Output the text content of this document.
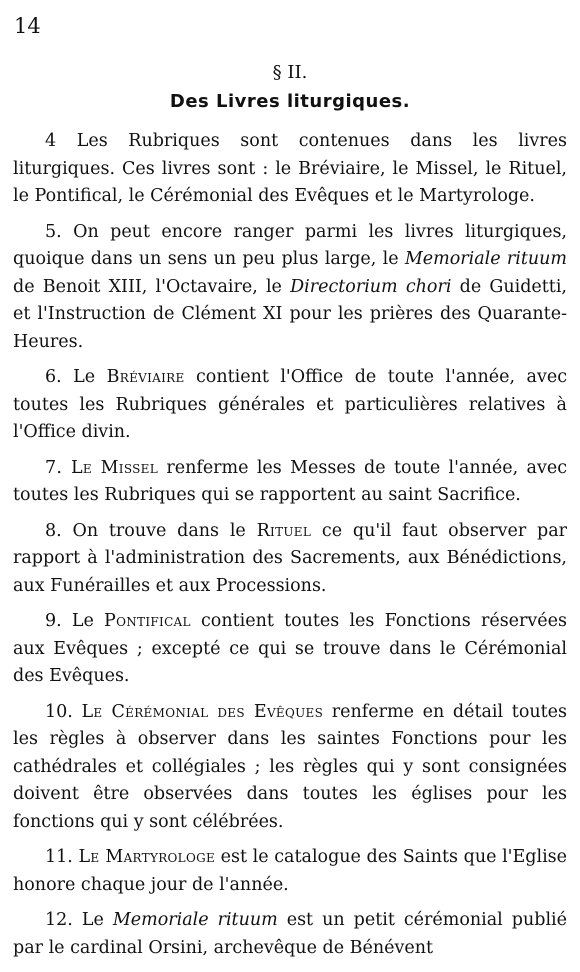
14
§ II.
Des Livres liturgiques.

4 Les Rubriques sont contenues dans les livres liturgiques. Ces livres sont : le Bréviaire, le Missel, le Rituel, le Pontifical, le Cérémonial des Evêques et le Martyrologe.

5. On peut encore ranger parmi les livres liturgiques, quoique dans un sens un peu plus large, le Memoriale rituum de Benoit XIII, l'Octavaire, le Directorium chori de Guidetti, et l'Instruction de Clément XI pour les prières des Quarante-Heures.

6. Le Bréviaire contient l'Office de toute l'année, avec toutes les Rubriques générales et particulières relatives à l'Office divin.

7. Le Missel renferme les Messes de toute l'année, avec toutes les Rubriques qui se rapportent au saint Sacrifice.

8. On trouve dans le Rituel ce qu'il faut observer par rapport à l'administration des Sacrements, aux Bénédictions, aux Funérailles et aux Processions.

9. Le Pontifical contient toutes les Fonctions réservées aux Evêques ; excepté ce qui se trouve dans le Cérémonial des Evêques.

10. Le Cérémonial des Evêques renferme en détail toutes les règles à observer dans les saintes Fonctions pour les cathédrales et collégiales ; les règles qui y sont consignées doivent être observées dans toutes les églises pour les fonctions qui y sont célébrées.

11. Le Martyrologe est le catalogue des Saints que l'Eglise honore chaque jour de l'année.

12. Le Memoriale rituum est un petit cérémonial publié par le cardinal Orsini, archevêque de Bénévent
